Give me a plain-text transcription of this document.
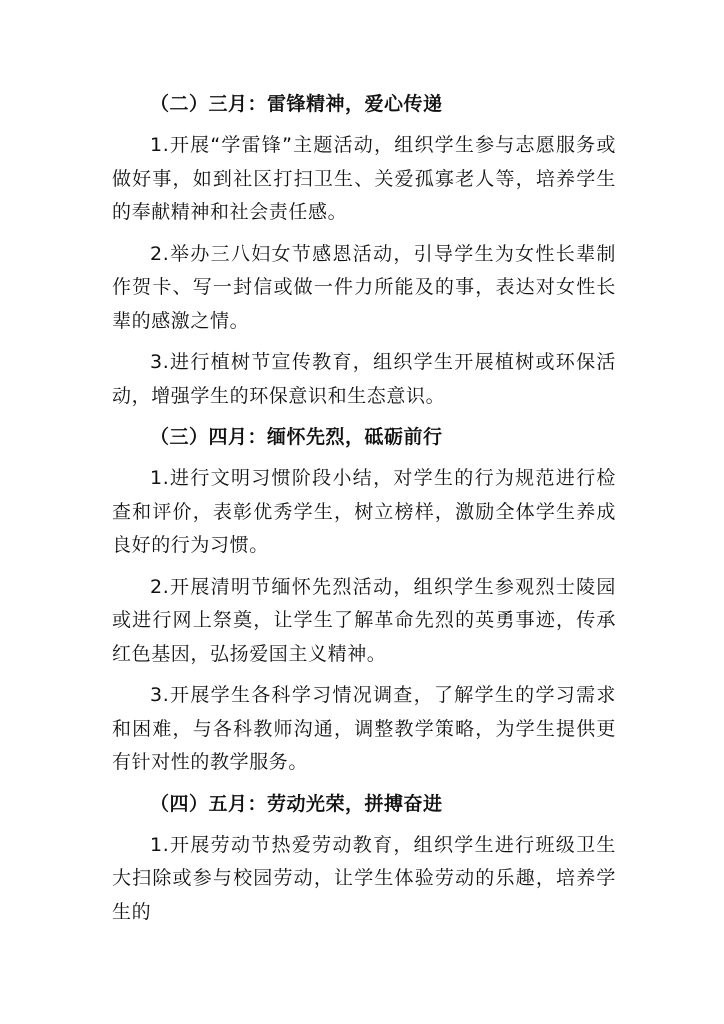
（二）三月：雷锋精神，爱心传递

1.开展“学雷锋”主题活动，组织学生参与志愿服务或做好事，如到社区打扫卫生、关爱孤寡老人等，培养学生的奉献精神和社会责任感。

2.举办三八妇女节感恩活动，引导学生为女性长辈制作贺卡、写一封信或做一件力所能及的事，表达对女性长辈的感激之情。

3.进行植树节宣传教育，组织学生开展植树或环保活动，增强学生的环保意识和生态意识。

（三）四月：缅怀先烈，砥砺前行

1.进行文明习惯阶段小结，对学生的行为规范进行检查和评价，表彰优秀学生，树立榜样，激励全体学生养成良好的行为习惯。

2.开展清明节缅怀先烈活动，组织学生参观烈士陵园或进行网上祭奠，让学生了解革命先烈的英勇事迹，传承红色基因，弘扬爱国主义精神。

3.开展学生各科学习情况调查，了解学生的学习需求和困难，与各科教师沟通，调整教学策略，为学生提供更有针对性的教学服务。

（四）五月：劳动光荣，拼搏奋进

1.开展劳动节热爱劳动教育，组织学生进行班级卫生大扫除或参与校园劳动，让学生体验劳动的乐趣，培养学生的
